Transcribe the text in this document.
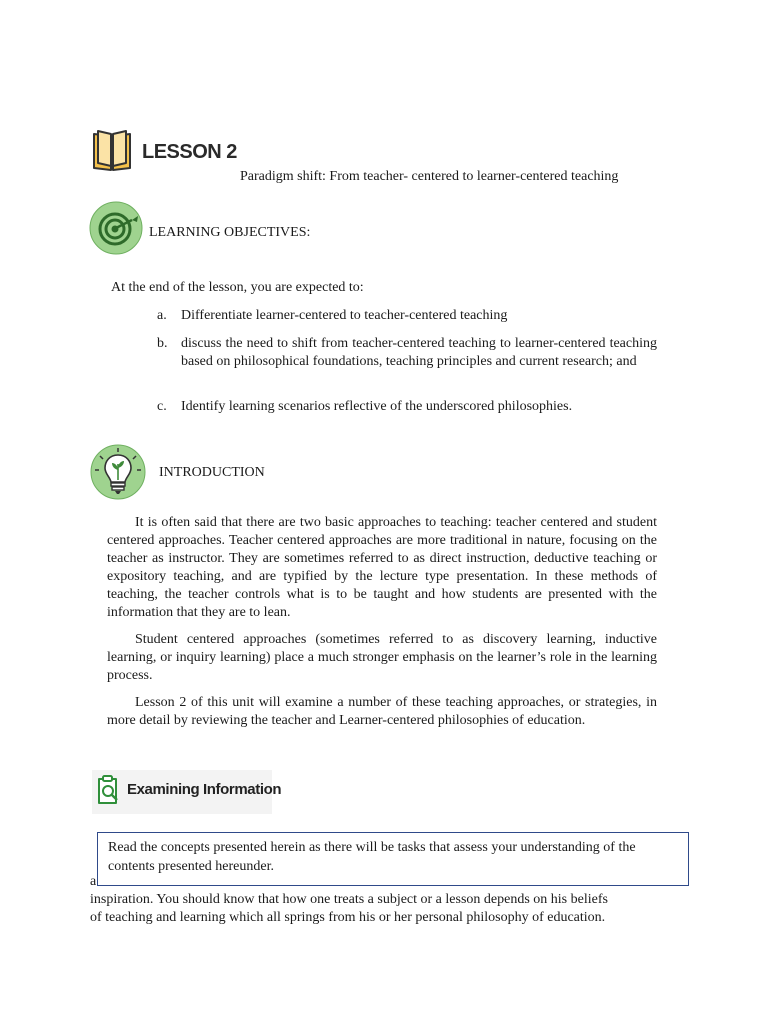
LESSON 2
Paradigm shift: From teacher- centered to learner-centered teaching
LEARNING OBJECTIVES:
At the end of the lesson, you are expected to:
a. Differentiate learner-centered to teacher-centered teaching
b. discuss the need to shift from teacher-centered teaching to learner-centered teaching based on philosophical foundations, teaching principles and current research; and
c. Identify learning scenarios reflective of the underscored philosophies.
INTRODUCTION

It is often said that there are two basic approaches to teaching: teacher centered and student centered approaches. Teacher centered approaches are more traditional in nature, focusing on the teacher as instructor. They are sometimes referred to as direct instruction, deductive teaching or expository teaching, and are typified by the lecture type presentation. In these methods of teaching, the teacher controls what is to be taught and how students are presented with the information that they are to lean.

Student centered approaches (sometimes referred to as discovery learning, inductive learning, or inquiry learning) place a much stronger emphasis on the learner’s role in the learning process.

Lesson 2 of this unit will examine a number of these teaching approaches, or strategies, in more detail by reviewing the teacher and Learner-centered philosophies of education.

Examining Information
a
Read the concepts presented herein as there will be tasks that assess your understanding of the contents presented hereunder.
inspiration. You should know that how one treats a subject or a lesson depends on his beliefs
of teaching and learning which all springs from his or her personal philosophy of education.
